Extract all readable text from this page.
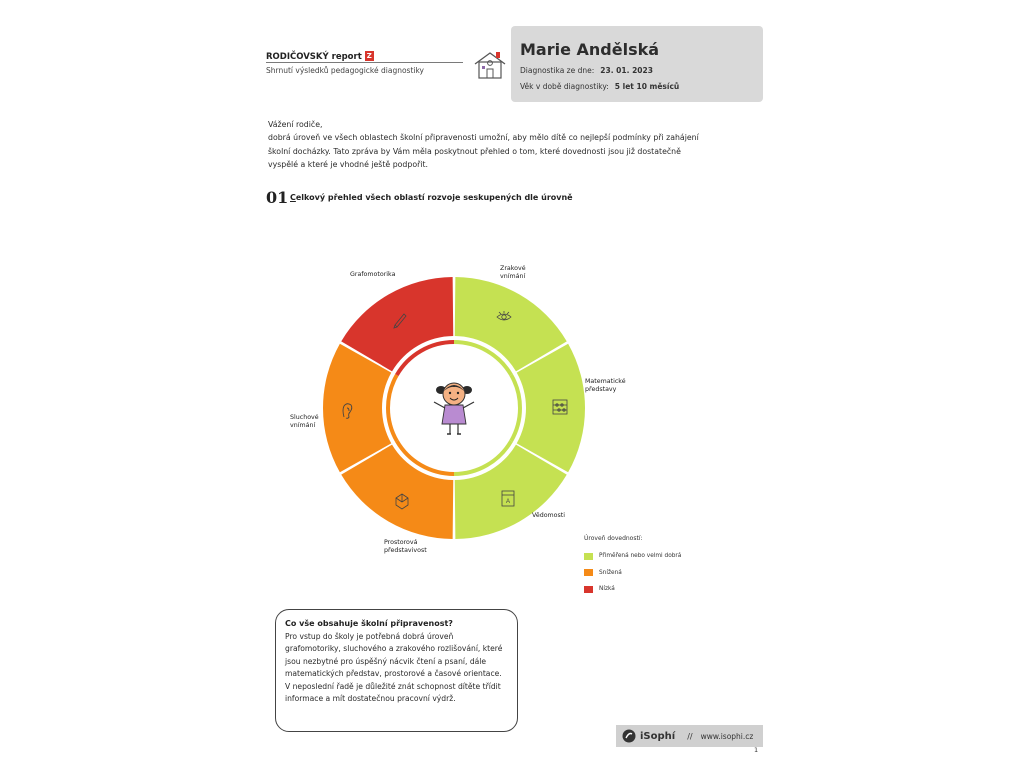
RODIČOVSKÝ report Z
Shrnutí výsledků pedagogické diagnostiky
Marie Andělská
Diagnostika ze dne: 23. 01. 2023
Věk v době diagnostiky: 5 let 10 měsíců

Vážení rodiče,

dobrá úroveň ve všech oblastech školní připravenosti umožní, aby mělo dítě co nejlepší podmínky při zahájení školní docházky. Tato zpráva by Vám měla poskytnout přehled o tom, které dovednosti jsou již dostatečně vyspělé a které je vhodné ještě podpořit.

01 Celkový přehled všech oblastí rozvoje seskupených dle úrovně
A
Grafomotorika
Zrakové
vnímání
Matematické
představy
Vědomosti
Prostorová
představivost
Sluchové
vnímání
Úroveň dovedností:
Přiměřená nebo velmi dobrá
Snížená
Nízká
Co vše obsahuje školní připravenost?
Pro vstup do školy je potřebná dobrá úroveň grafomotoriky, sluchového a zrakového rozlišování, které jsou nezbytné pro úspěšný nácvik čtení a psaní, dále matematických představ, prostorové a časové orientace. V neposlední řadě je důležité znát schopnost dítěte třídit informace a mít dostatečnou pracovní výdrž.
iSophí // www.isophi.cz
1
